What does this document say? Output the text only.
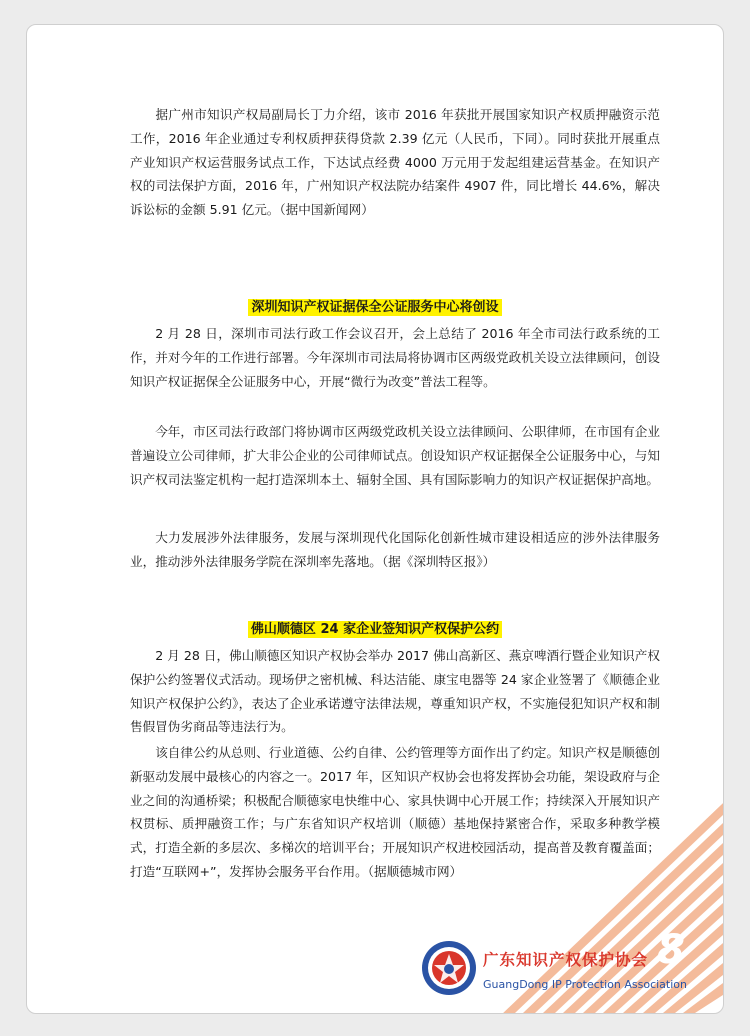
据广州市知识产权局副局长丁力介绍，该市 2016 年获批开展国家知识产权质押融资示范工作，2016 年企业通过专利权质押获得贷款 2.39 亿元（人民币，下同）。同时获批开展重点产业知识产权运营服务试点工作，下达试点经费 4000 万元用于发起组建运营基金。在知识产权的司法保护方面，2016 年，广州知识产权法院办结案件 4907 件，同比增长 44.6%，解决诉讼标的金额 5.91 亿元。（据中国新闻网）

深圳知识产权证据保全公证服务中心将创设

2 月 28 日，深圳市司法行政工作会议召开，会上总结了 2016 年全市司法行政系统的工作，并对今年的工作进行部署。今年深圳市司法局将协调市区两级党政机关设立法律顾问，创设知识产权证据保全公证服务中心，开展“微行为改变”普法工程等。

今年，市区司法行政部门将协调市区两级党政机关设立法律顾问、公职律师，在市国有企业普遍设立公司律师，扩大非公企业的公司律师试点。创设知识产权证据保全公证服务中心，与知识产权司法鉴定机构一起打造深圳本土、辐射全国、具有国际影响力的知识产权证据保护高地。

大力发展涉外法律服务，发展与深圳现代化国际化创新性城市建设相适应的涉外法律服务业，推动涉外法律服务学院在深圳率先落地。（据《深圳特区报》）

佛山顺德区 24 家企业签知识产权保护公约

2 月 28 日，佛山顺德区知识产权协会举办 2017 佛山高新区、燕京啤酒行暨企业知识产权保护公约签署仪式活动。现场伊之密机械、科达洁能、康宝电器等 24 家企业签署了《顺德企业知识产权保护公约》，表达了企业承诺遵守法律法规，尊重知识产权，不实施侵犯知识产权和制售假冒伪劣商品等违法行为。

该自律公约从总则、行业道德、公约自律、公约管理等方面作出了约定。知识产权是顺德创新驱动发展中最核心的内容之一。2017 年，区知识产权协会也将发挥协会功能，架设政府与企业之间的沟通桥梁；积极配合顺德家电快维中心、家具快调中心开展工作；持续深入开展知识产权贯标、质押融资工作；与广东省知识产权培训（顺德）基地保持紧密合作，采取多种教学模式，打造全新的多层次、多梯次的培训平台；开展知识产权进校园活动，提高普及教育覆盖面；打造“互联网+”，发挥协会服务平台作用。（据顺德城市网）

8
广东知识产权保护协会
GuangDong IP Protection Association
